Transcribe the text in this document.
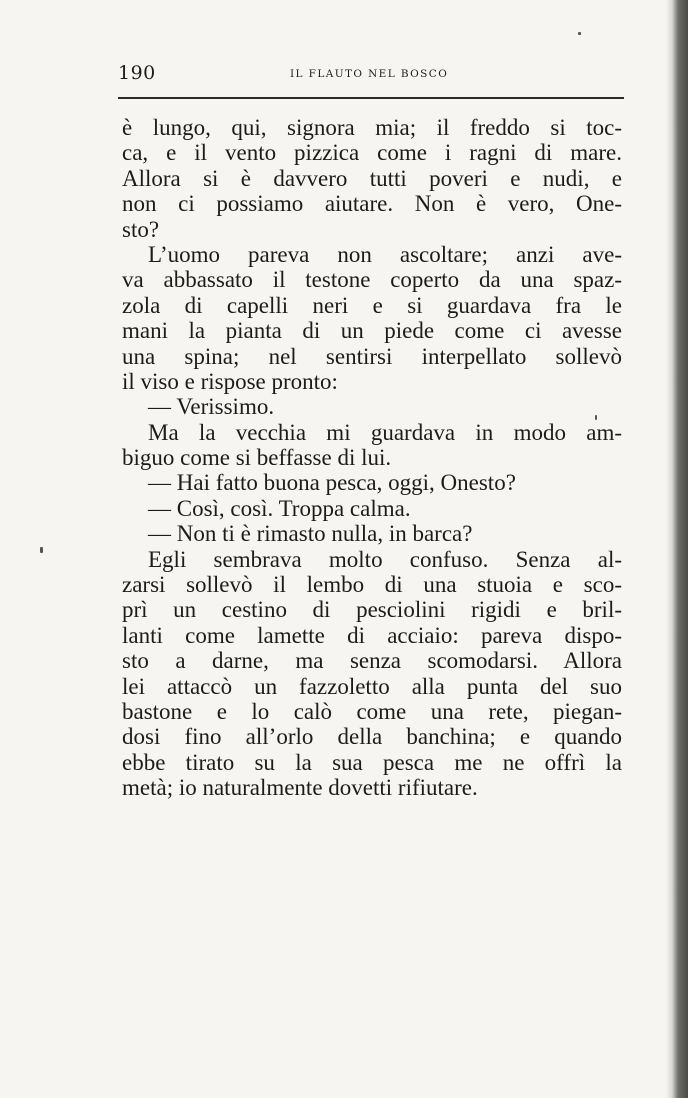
190	IL FLAUTO NEL BOSCO
è lungo, qui, signora mia; il freddo si toc-
ca, e il vento pizzica come i ragni di mare.
Allora si è davvero tutti poveri e nudi, e
non ci possiamo aiutare. Non è vero, One-
sto?
L’uomo pareva non ascoltare; anzi ave-
va abbassato il testone coperto da una spaz-
zola di capelli neri e si guardava fra le
mani la pianta di un piede come ci avesse
una spina; nel sentirsi interpellato sollevò
il viso e rispose pronto:
— Verissimo.
Ma la vecchia mi guardava in modo am-
biguo come si beffasse di lui.
— Hai fatto buona pesca, oggi, Onesto?
— Così, così. Troppa calma.
— Non ti è rimasto nulla, in barca?
Egli sembrava molto confuso. Senza al-
zarsi sollevò il lembo di una stuoia e sco-
prì un cestino di pesciolini rigidi e bril-
lanti come lamette di acciaio: pareva dispo-
sto a darne, ma senza scomodarsi. Allora
lei attaccò un fazzoletto alla punta del suo
bastone e lo calò come una rete, piegan-
dosi fino all’orlo della banchina; e quando
ebbe tirato su la sua pesca me ne offrì la
metà; io naturalmente dovetti rifiutare.
